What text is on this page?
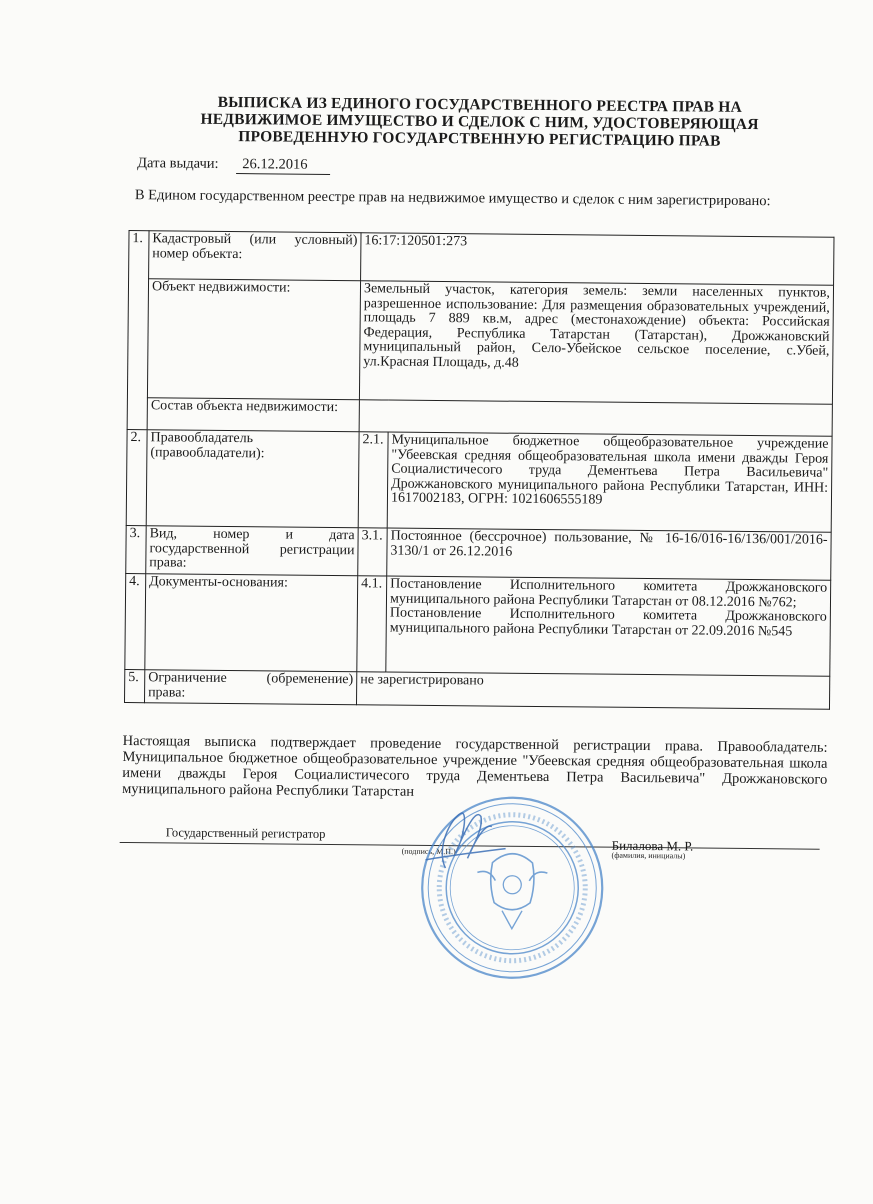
ВЫПИСКА ИЗ ЕДИНОГО ГОСУДАРСТВЕННОГО РЕЕСТРА ПРАВ НА
НЕДВИЖИМОЕ ИМУЩЕСТВО И СДЕЛОК С НИМ, УДОСТОВЕРЯЮЩАЯ
ПРОВЕДЕННУЮ ГОСУДАРСТВЕННУЮ РЕГИСТРАЦИЮ ПРАВ
Дата выдачи: 26.12.2016
В Едином государственном реестре прав на недвижимое имущество и сделок с ним зарегистрировано:
1.	Кадастровый (или условный) номер объекта:	16:17:120501:273	
	Объект недвижимости:	Земельный участок, категория земель: земли населенных пунктов, разрешенное использование: Для размещения образовательных учреждений, площадь 7 889 кв.м, адрес (местонахождение) объекта: Российская Федерация, Республика Татарстан (Татарстан), Дрожжановский муниципальный район, Село-Убейское сельское поселение, с.Убей, ул.Красная Площадь, д.48	
	Состав объекта недвижимости:		
2.	Правообладатель (правообладатели):	2.1.	Муниципальное бюджетное общеобразовательное учреждение "Убеевская средняя общеобразовательная школа имени дважды Героя Социалистичесого труда Дементьева Петра Васильевича" Дрожжановского муниципального района Республики Татарстан, ИНН: 1617002183, ОГРН: 1021606555189
3.	Вид, номер и дата государственной регистрации права:	3.1.	Постоянное (бессрочное) пользование, № 16-16/016-16/136/001/2016-3130/1 от 26.12.2016
4.	Документы-основания:	4.1.	Постановление Исполнительного комитета Дрожжановского муниципального района Республики Татарстан от 08.12.2016 №762;
Постановление Исполнительного комитета Дрожжановского муниципального района Республики Татарстан от 22.09.2016 №545

5.	Ограничение (обременение) права:	не зарегистрировано	
Настоящая выписка подтверждает проведение государственной регистрации права. Правообладатель: Муниципальное бюджетное общеобразовательное учреждение "Убеевская средняя общеобразовательная школа имени дважды Героя Социалистичесого труда Дементьева Петра Васильевича" Дрожжановского муниципального района Республики Татарстан
Государственный регистратор
Билалова М. Р.
(подпись, М.П.)	(фамилия, инициалы)
